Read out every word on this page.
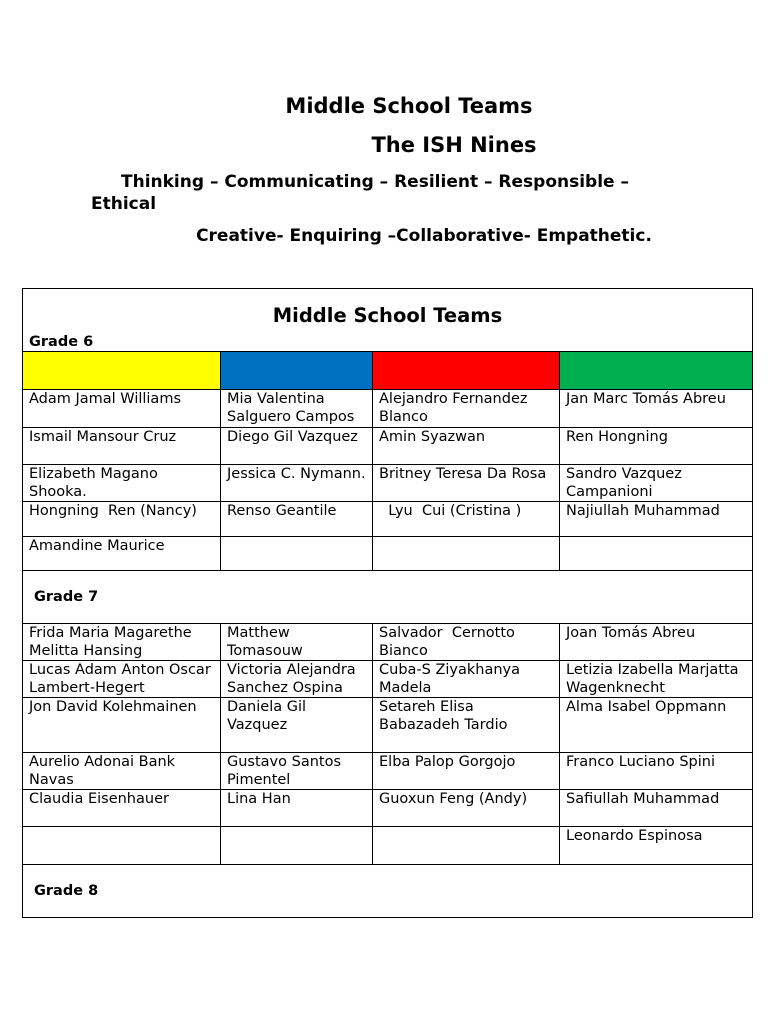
Middle School Teams
The ISH Nines
Thinking – Communicating – Resilient – Responsible – Ethical
Creative- Enquiring –Collaborative- Empathetic.
Middle School Teams
Grade 6			

Adam Jamal Williams	Mia Valentina Salguero Campos	Alejandro Fernandez Blanco	Jan Marc Tomás Abreu
Ismail Mansour Cruz	Diego Gil Vazquez	Amin Syazwan	Ren Hongning
Elizabeth Magano Shooka.	Jessica C. Nymann.	Britney Teresa Da Rosa	Sandro Vazquez Campanioni
Hongning  Ren (Nancy)	Renso Geantile	Lyu  Cui (Cristina )	Najiullah Muhammad
Amandine Maurice			
Grade 7			
Frida Maria Magarethe Melitta Hansing	Matthew Tomasouw	Salvador  Cernotto Bianco	Joan Tomás Abreu
Lucas Adam Anton Oscar Lambert-Hegert	Victoria Alejandra Sanchez Ospina	Cuba-S Ziyakhanya Madela	Letizia Izabella Marjatta  Wagenknecht
Jon David Kolehmainen	Daniela Gil Vazquez	Setareh Elisa Babazadeh Tardio	Alma Isabel Oppmann
Aurelio Adonai Bank Navas	Gustavo Santos Pimentel	Elba Palop Gorgojo	Franco Luciano Spini
Claudia Eisenhauer	Lina Han	Guoxun Feng (Andy)	Safiullah Muhammad
			Leonardo Espinosa
Grade 8			
